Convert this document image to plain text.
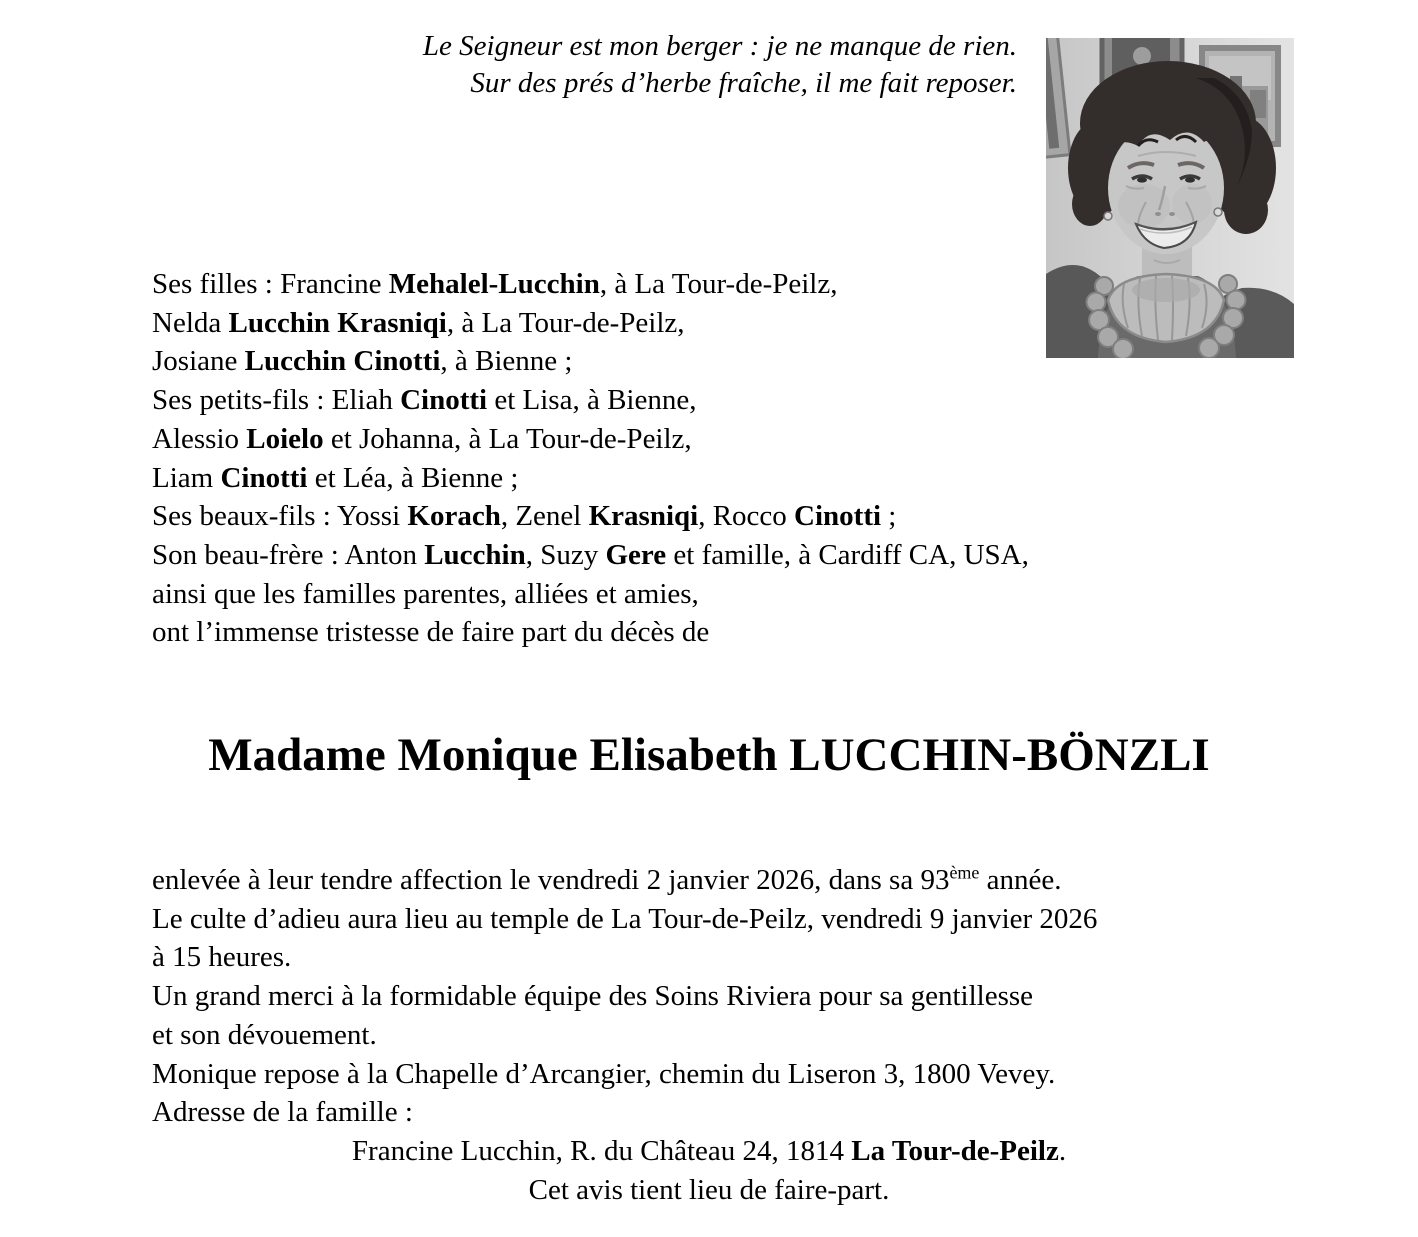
Le Seigneur est mon berger : je ne manque de rien.
Sur des prés d’herbe fraîche, il me fait reposer.
Ses filles : Francine Mehalel-Lucchin, à La Tour-de-Peilz,
Nelda Lucchin Krasniqi, à La Tour-de-Peilz,
Josiane Lucchin Cinotti, à Bienne ;
Ses petits-fils : Eliah Cinotti et Lisa, à Bienne,
Alessio Loielo et Johanna, à La Tour-de-Peilz,
Liam Cinotti et Léa, à Bienne ;
Ses beaux-fils : Yossi Korach, Zenel Krasniqi, Rocco Cinotti ;
Son beau-frère : Anton Lucchin, Suzy Gere et famille, à Cardiff CA, USA,
ainsi que les familles parentes, alliées et amies,
ont l’immense tristesse de faire part du décès de
Madame Monique Elisabeth LUCCHIN-BÖNZLI
enlevée à leur tendre affection le vendredi 2 janvier 2026, dans sa 93ème année.
Le culte d’adieu aura lieu au temple de La Tour-de-Peilz, vendredi 9 janvier 2026
à 15 heures.
Un grand merci à la formidable équipe des Soins Riviera pour sa gentillesse
et son dévouement.
Monique repose à la Chapelle d’Arcangier, chemin du Liseron 3, 1800 Vevey.
Adresse de la famille :
Francine Lucchin, R. du Château 24, 1814 La Tour-de-Peilz.
Cet avis tient lieu de faire-part.
